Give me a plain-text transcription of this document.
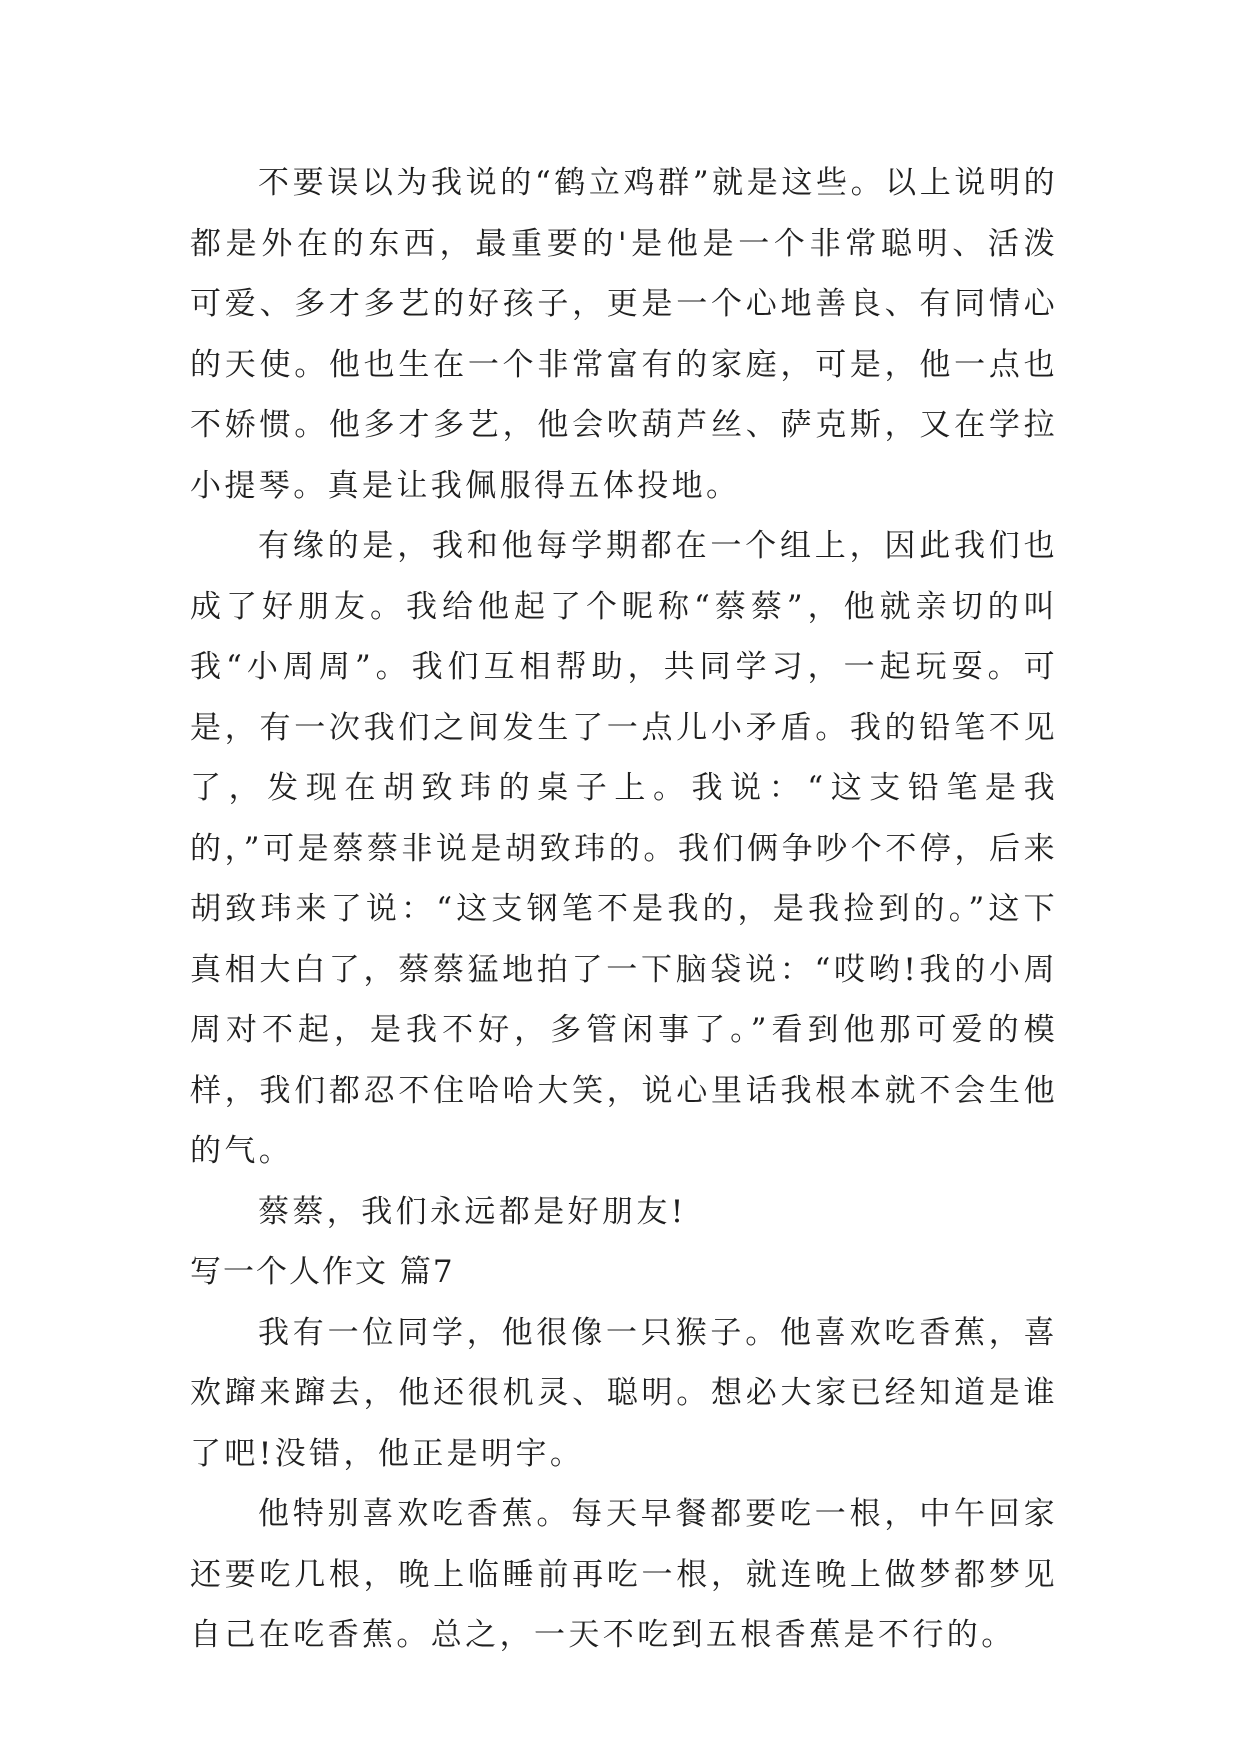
不要误以为我说的“鹤立鸡群”就是这些。以上说明的都是外在的东西，最重要的'是他是一个非常聪明、活泼可爱、多才多艺的好孩子，更是一个心地善良、有同情心的天使。他也生在一个非常富有的家庭，可是，他一点也不娇惯。他多才多艺，他会吹葫芦丝、萨克斯，又在学拉小提琴。真是让我佩服得五体投地。

有缘的是，我和他每学期都在一个组上，因此我们也成了好朋友。我给他起了个昵称“蔡蔡”，他就亲切的叫我“小周周”。我们互相帮助，共同学习，一起玩耍。可是，有一次我们之间发生了一点儿小矛盾。我的铅笔不见了，发现在胡致玮的桌子上。我说：“这支铅笔是我的，”可是蔡蔡非说是胡致玮的。我们俩争吵个不停，后来胡致玮来了说：“这支钢笔不是我的，是我捡到的。”这下真相大白了，蔡蔡猛地拍了一下脑袋说：“哎哟!我的小周周对不起，是我不好，多管闲事了。”看到他那可爱的模样，我们都忍不住哈哈大笑，说心里话我根本就不会生他的气。

蔡蔡，我们永远都是好朋友!

写一个人作文 篇7

我有一位同学，他很像一只猴子。他喜欢吃香蕉，喜欢蹿来蹿去，他还很机灵、聪明。想必大家已经知道是谁了吧!没错，他正是明宇。

他特别喜欢吃香蕉。每天早餐都要吃一根，中午回家还要吃几根，晚上临睡前再吃一根，就连晚上做梦都梦见自己在吃香蕉。总之，一天不吃到五根香蕉是不行的。
